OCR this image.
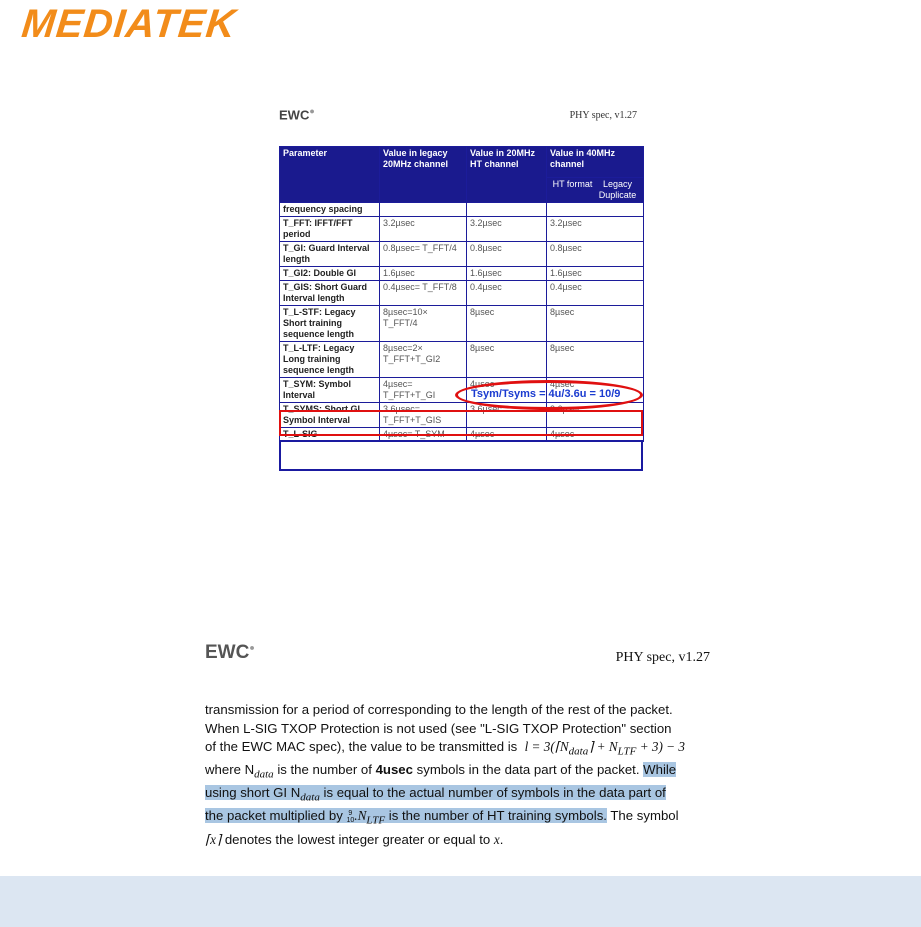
MEDIATEK
EWC●	PHY spec, v1.27
Parameter	Value in legacy 20MHz channel	Value in 20MHz HT channel	Value in 40MHz channel

			HT format Legacy Duplicate

frequency spacing			
T_FFT: IFFT/FFT period	3.2µsec	3.2µsec	3.2µsec
T_GI: Guard Interval length	0.8µsec= T_FFT/4	0.8µsec	0.8µsec
T_GI2: Double GI	1.6µsec	1.6µsec	1.6µsec
T_GIS: Short Guard Interval length	0.4µsec= T_FFT/8	0.4µsec	0.4µsec
T_L-STF: Legacy Short training sequence length	8µsec=10× T_FFT/4	8µsec	8µsec
T_L-LTF: Legacy Long training sequence length	8µsec=2× T_FFT+T_GI2	8µsec	8µsec
T_SYM: Symbol Interval	4µsec= T_FFT+T_GI	4µsec	4µsec
T_SYMS: Short GI Symbol Interval	3.6µsec= T_FFT+T_GIS	3.6µsec	3.6µsec
T_L-SIG	4µsec= T_SYM	4µsec	4µsec
Tsym/Tsyms = 4u/3.6u = 10/9
EWC●
PHY spec, v1.27
transmission for a period of corresponding to the length of the rest of the packet.
When L-SIG TXOP Protection is not used (see "L-SIG TXOP Protection" section
of the EWC MAC spec), the value to be transmitted is $l = 3(⌈N_{data}⌉ + N_{LTF} + 3) - 3$
where $N_{data}$ is the number of 4usec symbols in the data part of the packet. While
using short GI $N_{data}$ is equal to the actual number of symbols in the data part of
the packet multiplied by 9
10 $.N_{LTF}$ is the number of HT training symbols. The symbol
⌈x⌉ denotes the lowest integer greater or equal to x.
